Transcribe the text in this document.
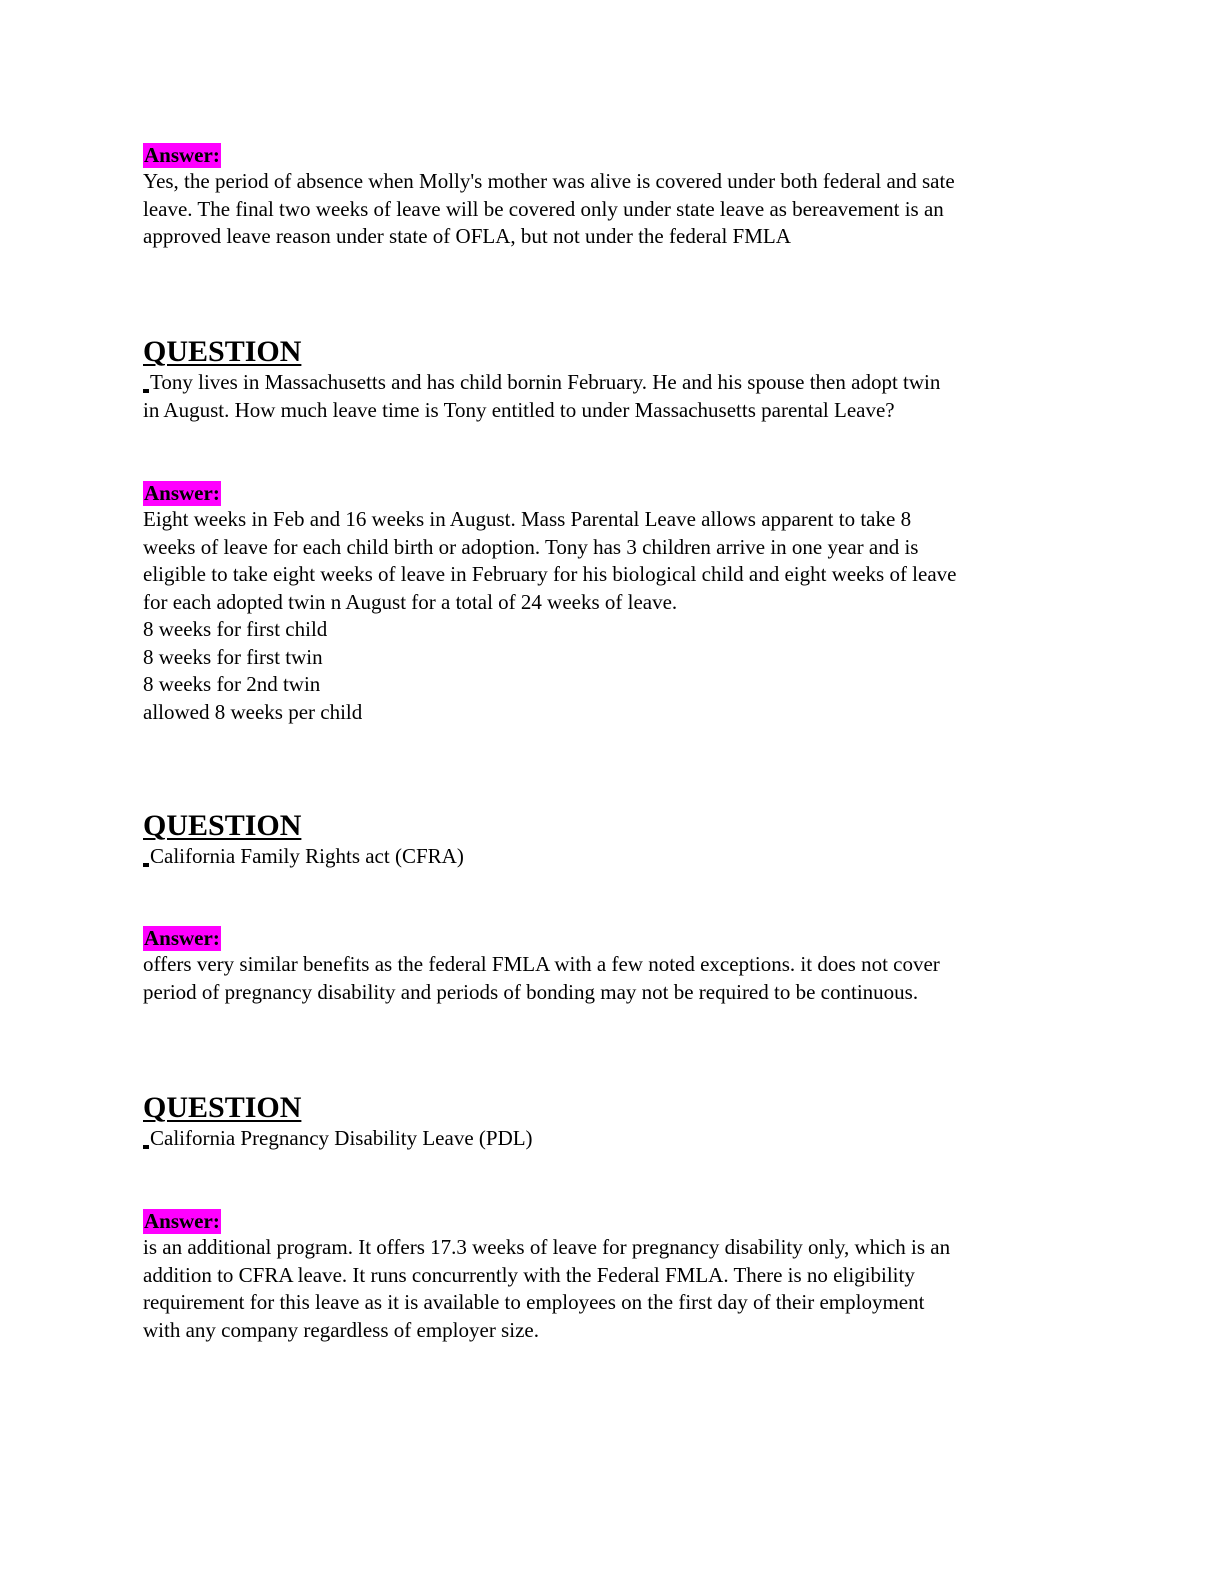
Answer:
Yes, the period of absence when Molly's mother was alive is covered under both federal and sate
leave. The final two weeks of leave will be covered only under state leave as bereavement is an
approved leave reason under state of OFLA, but not under the federal FMLA
QUESTION
Tony lives in Massachusetts and has child bornin February. He and his spouse then adopt twin
in August. How much leave time is Tony entitled to under Massachusetts parental Leave?
Answer:
Eight weeks in Feb and 16 weeks in August. Mass Parental Leave allows apparent to take 8
weeks of leave for each child birth or adoption. Tony has 3 children arrive in one year and is
eligible to take eight weeks of leave in February for his biological child and eight weeks of leave
for each adopted twin n August for a total of 24 weeks of leave.
8 weeks for first child
8 weeks for first twin
8 weeks for 2nd twin
allowed 8 weeks per child
QUESTION
California Family Rights act (CFRA)
Answer:
offers very similar benefits as the federal FMLA with a few noted exceptions. it does not cover
period of pregnancy disability and periods of bonding may not be required to be continuous.
QUESTION
California Pregnancy Disability Leave (PDL)
Answer:
is an additional program. It offers 17.3 weeks of leave for pregnancy disability only, which is an
addition to CFRA leave. It runs concurrently with the Federal FMLA. There is no eligibility
requirement for this leave as it is available to employees on the first day of their employment
with any company regardless of employer size.
